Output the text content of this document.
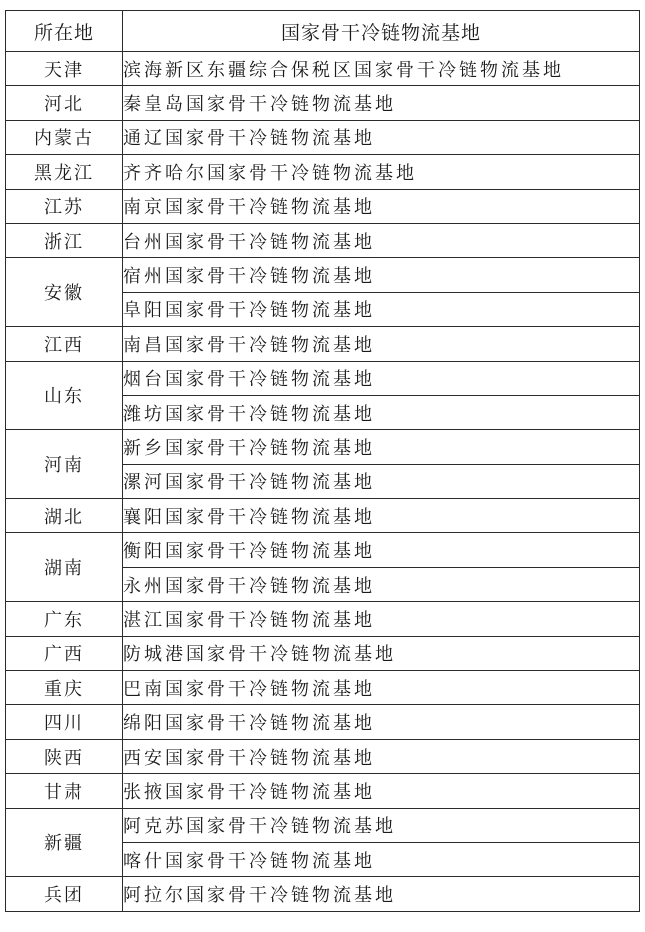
所在地	国家骨干冷链物流基地
天津	滨海新区东疆综合保税区国家骨干冷链物流基地
河北	秦皇岛国家骨干冷链物流基地
内蒙古	通辽国家骨干冷链物流基地
黑龙江	齐齐哈尔国家骨干冷链物流基地
江苏	南京国家骨干冷链物流基地
浙江	台州国家骨干冷链物流基地
安徽	宿州国家骨干冷链物流基地
	阜阳国家骨干冷链物流基地
江西	南昌国家骨干冷链物流基地
山东	烟台国家骨干冷链物流基地
	潍坊国家骨干冷链物流基地
河南	新乡国家骨干冷链物流基地
	漯河国家骨干冷链物流基地
湖北	襄阳国家骨干冷链物流基地
湖南	衡阳国家骨干冷链物流基地
	永州国家骨干冷链物流基地
广东	湛江国家骨干冷链物流基地
广西	防城港国家骨干冷链物流基地
重庆	巴南国家骨干冷链物流基地
四川	绵阳国家骨干冷链物流基地
陕西	西安国家骨干冷链物流基地
甘肃	张掖国家骨干冷链物流基地
新疆	阿克苏国家骨干冷链物流基地
	喀什国家骨干冷链物流基地
兵团	阿拉尔国家骨干冷链物流基地
